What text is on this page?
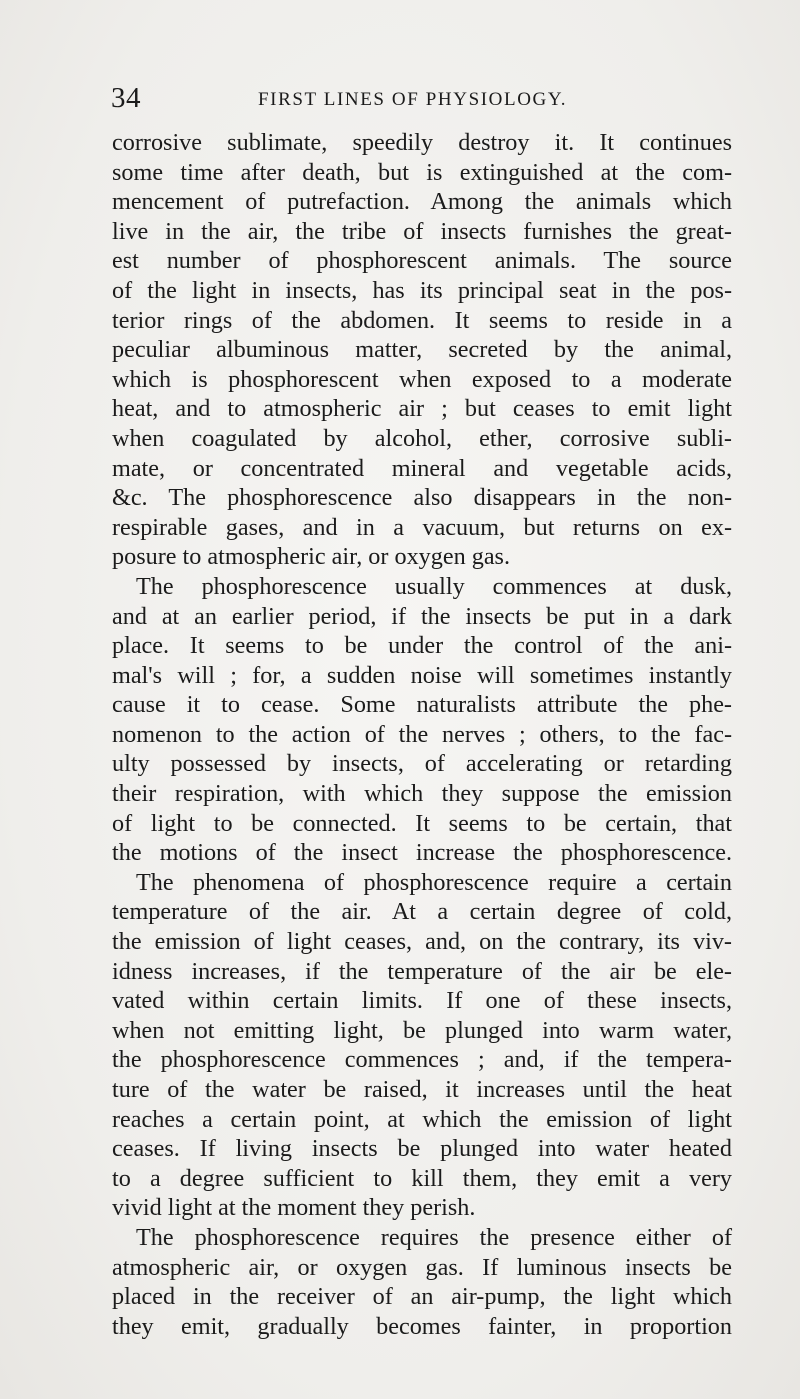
34	FIRST LINES OF PHYSIOLOGY.
corrosive sublimate, speedily destroy it. It continues
some time after death, but is extinguished at the com-
mencement of putrefaction. Among the animals which
live in the air, the tribe of insects furnishes the great-
est number of phosphorescent animals. The source
of the light in insects, has its principal seat in the pos-
terior rings of the abdomen. It seems to reside in a
peculiar albuminous matter, secreted by the animal,
which is phosphorescent when exposed to a moderate
heat, and to atmospheric air ; but ceases to emit light
when coagulated by alcohol, ether, corrosive subli-
mate, or concentrated mineral and vegetable acids,
&c. The phosphorescence also disappears in the non-
respirable gases, and in a vacuum, but returns on ex-
posure to atmospheric air, or oxygen gas.
The phosphorescence usually commences at dusk,
and at an earlier period, if the insects be put in a dark
place. It seems to be under the control of the ani-
mal's will ; for, a sudden noise will sometimes instantly
cause it to cease. Some naturalists attribute the phe-
nomenon to the action of the nerves ; others, to the fac-
ulty possessed by insects, of accelerating or retarding
their respiration, with which they suppose the emission
of light to be connected. It seems to be certain, that
the motions of the insect increase the phosphorescence.
The phenomena of phosphorescence require a certain
temperature of the air. At a certain degree of cold,
the emission of light ceases, and, on the contrary, its viv-
idness increases, if the temperature of the air be ele-
vated within certain limits. If one of these insects,
when not emitting light, be plunged into warm water,
the phosphorescence commences ; and, if the tempera-
ture of the water be raised, it increases until the heat
reaches a certain point, at which the emission of light
ceases. If living insects be plunged into water heated
to a degree sufficient to kill them, they emit a very
vivid light at the moment they perish.
The phosphorescence requires the presence either of
atmospheric air, or oxygen gas. If luminous insects be
placed in the receiver of an air-pump, the light which
they emit, gradually becomes fainter, in proportion
